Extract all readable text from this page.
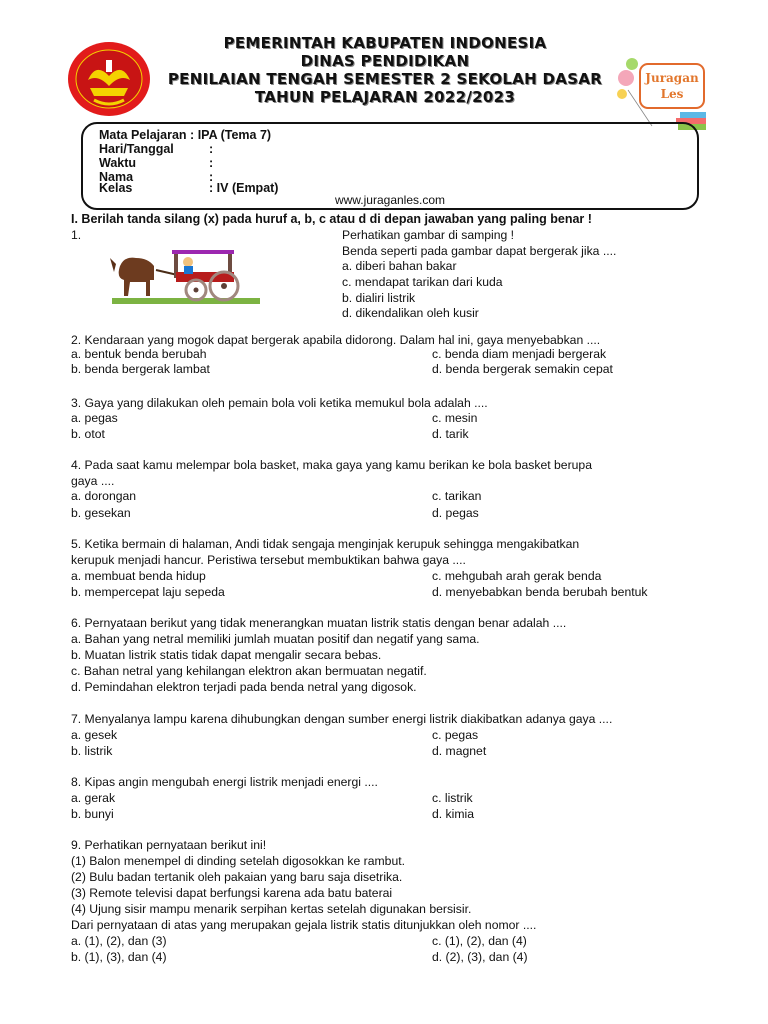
PEMERINTAH KABUPATEN INDONESIA
DINAS PENDIDIKAN
PENILAIAN TENGAH SEMESTER 2 SEKOLAH DASAR
TAHUN PELAJARAN 2022/2023
Juragan
Les
Mata Pelajaran : IPA (Tema 7)
Hari/Tanggal	:
Waktu	:
Nama	:
Kelas	: IV (Empat)
www.juraganles.com
I. Berilah tanda silang (x) pada huruf a, b, c atau d di depan jawaban yang paling benar !
1.	Perhatikan gambar di samping !
Benda seperti pada gambar dapat bergerak jika ....
a. diberi bahan bakar
c. mendapat tarikan dari kuda
b. dialiri listrik
d. dikendalikan oleh kusir
2. Kendaraan yang mogok dapat bergerak apabila didorong. Dalam hal ini, gaya menyebabkan ....
a. bentuk benda berubah	c. benda diam menjadi bergerak
b. benda bergerak lambat	d. benda bergerak semakin cepat
3. Gaya yang dilakukan oleh pemain bola voli ketika memukul bola adalah ....
a. pegas	c. mesin
b. otot	d. tarik
4. Pada saat kamu melempar bola basket, maka gaya yang kamu berikan ke bola basket berupa
gaya ....
a. dorongan	c. tarikan
b. gesekan	d. pegas
5. Ketika bermain di halaman, Andi tidak sengaja menginjak kerupuk sehingga mengakibatkan
kerupuk menjadi hancur. Peristiwa tersebut membuktikan bahwa gaya ....
a. membuat benda hidup	c. mehgubah arah gerak benda
b. mempercepat laju sepeda	d. menyebabkan benda berubah bentuk
6. Pernyataan berikut yang tidak menerangkan muatan listrik statis dengan benar adalah ....
a. Bahan yang netral memiliki jumlah muatan positif dan negatif yang sama.
b. Muatan listrik statis tidak dapat mengalir secara bebas.
c. Bahan netral yang kehilangan elektron akan bermuatan negatif.
d. Pemindahan elektron terjadi pada benda netral yang digosok.
7. Menyalanya lampu karena dihubungkan dengan sumber energi listrik diakibatkan adanya gaya ....
a. gesek	c. pegas
b. listrik	d. magnet
8. Kipas angin mengubah energi listrik menjadi energi ....
a. gerak	c. listrik
b. bunyi	d. kimia
9. Perhatikan pernyataan berikut ini!
(1) Balon menempel di dinding setelah digosokkan ke rambut.
(2) Bulu badan tertanik oleh pakaian yang baru saja disetrika.
(3) Remote televisi dapat berfungsi karena ada batu baterai
(4) Ujung sisir mampu menarik serpihan kertas setelah digunakan bersisir.
Dari pernyataan di atas yang merupakan gejala listrik statis ditunjukkan oleh nomor ....
a. (1), (2), dan (3)	c. (1), (2), dan (4)
b. (1), (3), dan (4)	d. (2), (3), dan (4)
